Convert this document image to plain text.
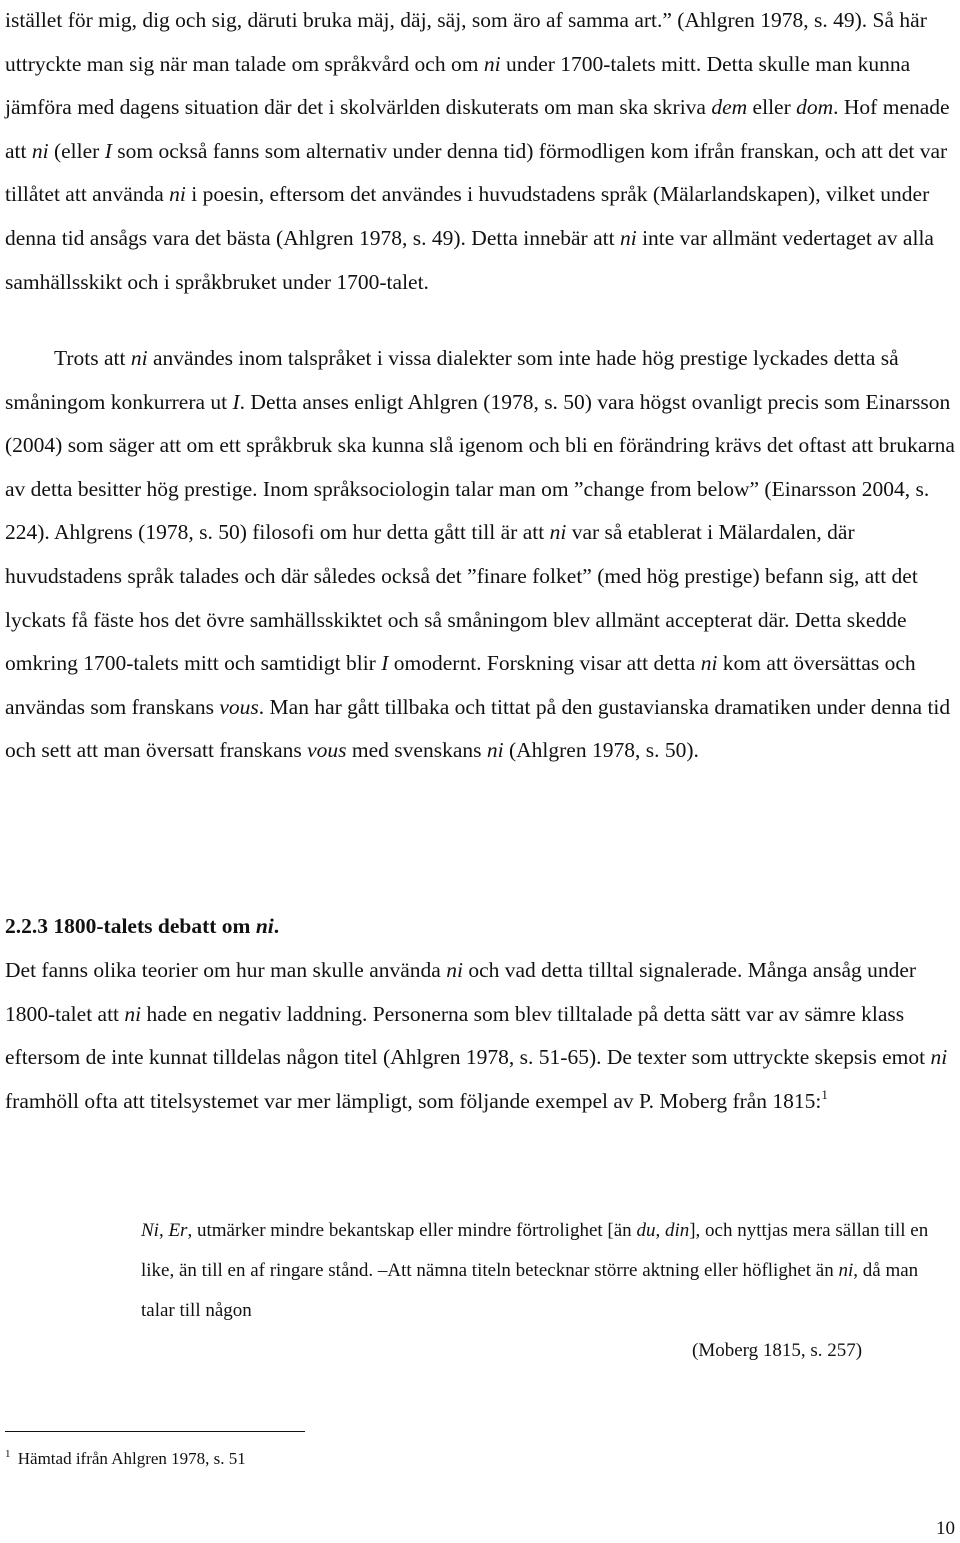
istället för mig, dig och sig, däruti bruka mäj, däj, säj, som äro af samma art.” (Ahlgren 1978, s. 49). Så här uttryckte man sig när man talade om språkvård och om ni under 1700-talets mitt. Detta skulle man kunna jämföra med dagens situation där det i skolvärlden diskuterats om man ska skriva dem eller dom. Hof menade att ni (eller I som också fanns som alternativ under denna tid) förmodligen kom ifrån franskan, och att det var tillåtet att använda ni i poesin, eftersom det användes i huvudstadens språk (Mälarlandskapen), vilket under denna tid ansågs vara det bästa (Ahlgren 1978, s. 49). Detta innebär att ni inte var allmänt vedertaget av alla samhällsskikt och i språkbruket under 1700-talet.

Trots att ni användes inom talspråket i vissa dialekter som inte hade hög prestige lyckades detta så småningom konkurrera ut I. Detta anses enligt Ahlgren (1978, s. 50) vara högst ovanligt precis som Einarsson (2004) som säger att om ett språkbruk ska kunna slå igenom och bli en förändring krävs det oftast att brukarna av detta besitter hög prestige. Inom språksociologin talar man om ”change from below” (Einarsson 2004, s. 224). Ahlgrens (1978, s. 50) filosofi om hur detta gått till är att ni var så etablerat i Mälardalen, där huvudstadens språk talades och där således också det ”finare folket” (med hög prestige) befann sig, att det lyckats få fäste hos det övre samhällsskiktet och så småningom blev allmänt accepterat där. Detta skedde omkring 1700-talets mitt och samtidigt blir I omodernt. Forskning visar att detta ni kom att översättas och användas som franskans vous. Man har gått tillbaka och tittat på den gustavianska dramatiken under denna tid och sett att man översatt franskans vous med svenskans ni (Ahlgren 1978, s. 50).

2.2.3 1800-talets debatt om ni.

Det fanns olika teorier om hur man skulle använda ni och vad detta tilltal signalerade. Många ansåg under 1800-talet att ni hade en negativ laddning. Personerna som blev tilltalade på detta sätt var av sämre klass eftersom de inte kunnat tilldelas någon titel (Ahlgren 1978, s. 51-65). De texter som uttryckte skepsis emot ni framhöll ofta att titelsystemet var mer lämpligt, som följande exempel av P. Moberg från 1815:$^1$

Ni, Er, utmärker mindre bekantskap eller mindre förtrolighet [än du, din], och nyttjas mera sällan till en like, än till en af ringare stånd. –Att nämna titeln betecknar större aktning eller höflighet än ni, då man talar till någon

(Moberg 1815, s. 257)

$^1$ Hämtad ifrån Ahlgren 1978, s. 51

10
